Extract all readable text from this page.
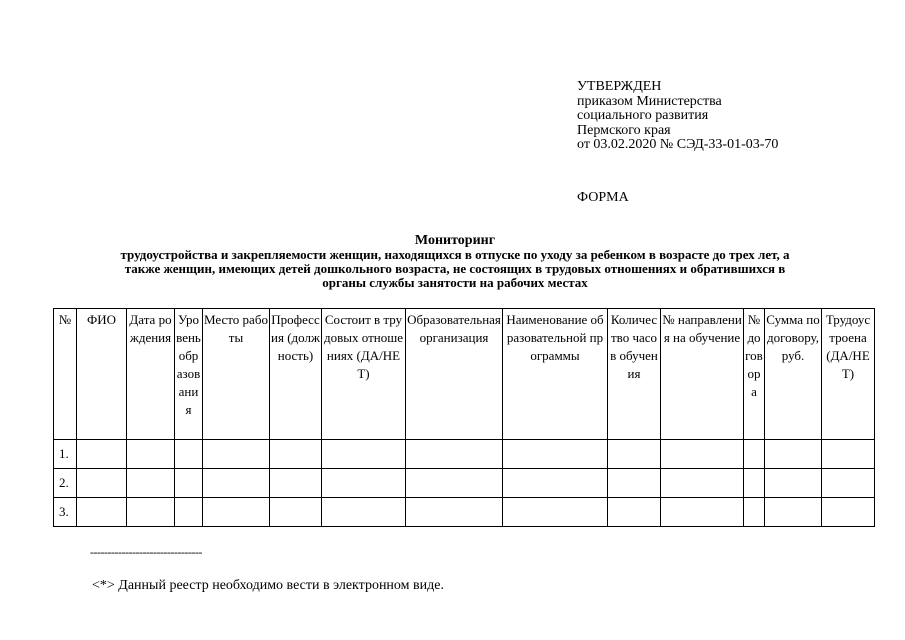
УТВЕРЖДЕН
приказом Министерства
социального развития
Пермского края
от 03.02.2020 № СЭД-33-01-03-70
ФОРМА
Мониторинг
трудоустройства и закрепляемости женщин, находящихся в отпуске по уходу за ребенком в возрасте до трех лет, а
также женщин, имеющих детей дошкольного возраста, не состоящих в трудовых отношениях и обратившихся в
органы службы занятости на рабочих местах
№	ФИО	Дата рождения	Уровень образования	Место работы	Профессия (должность)	Состоит в трудовых отношениях (ДА/НЕТ)	Образовательная организация	Наименование образовательной программы	Количество часов обучения	№ направления на обучение	№ договора	Сумма по договору, руб.	Трудоустроена (ДА/НЕТ)
1.													
2.													
3.													
--------------------------------
<*> Данный реестр необходимо вести в электронном виде.
